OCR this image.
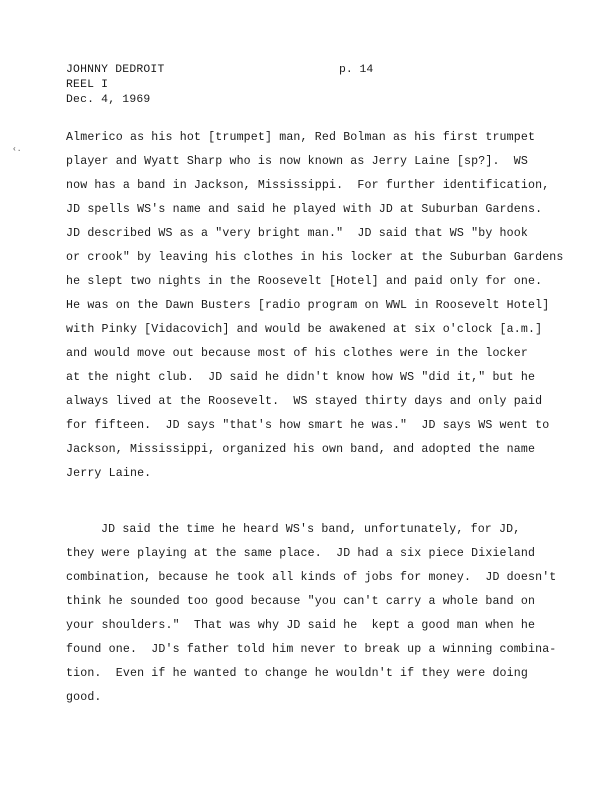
JOHNNY DEDROIT
REEL I
Dec. 4, 1969
p. 14
‹.
Almerico as his hot [trumpet] man, Red Bolman as his first trumpet
player and Wyatt Sharp who is now known as Jerry Laine [sp?].  WS
now has a band in Jackson, Mississippi.  For further identification,
JD spells WS's name and said he played with JD at Suburban Gardens.
JD described WS as a "very bright man."  JD said that WS "by hook
or crook" by leaving his clothes in his locker at the Suburban Gardens
he slept two nights in the Roosevelt [Hotel] and paid only for one.
He was on the Dawn Busters [radio program on WWL in Roosevelt Hotel]
with Pinky [Vidacovich] and would be awakened at six o'clock [a.m.]
and would move out because most of his clothes were in the locker
at the night club.  JD said he didn't know how WS "did it," but he
always lived at the Roosevelt.  WS stayed thirty days and only paid
for fifteen.  JD says "that's how smart he was."  JD says WS went to
Jackson, Mississippi, organized his own band, and adopted the name
Jerry Laine.
JD said the time he heard WS's band, unfortunately, for JD,
they were playing at the same place.  JD had a six piece Dixieland
combination, because he took all kinds of jobs for money.  JD doesn't
think he sounded too good because "you can't carry a whole band on
your shoulders."  That was why JD said he  kept a good man when he
found one.  JD's father told him never to break up a winning combina-
tion.  Even if he wanted to change he wouldn't if they were doing
good.
